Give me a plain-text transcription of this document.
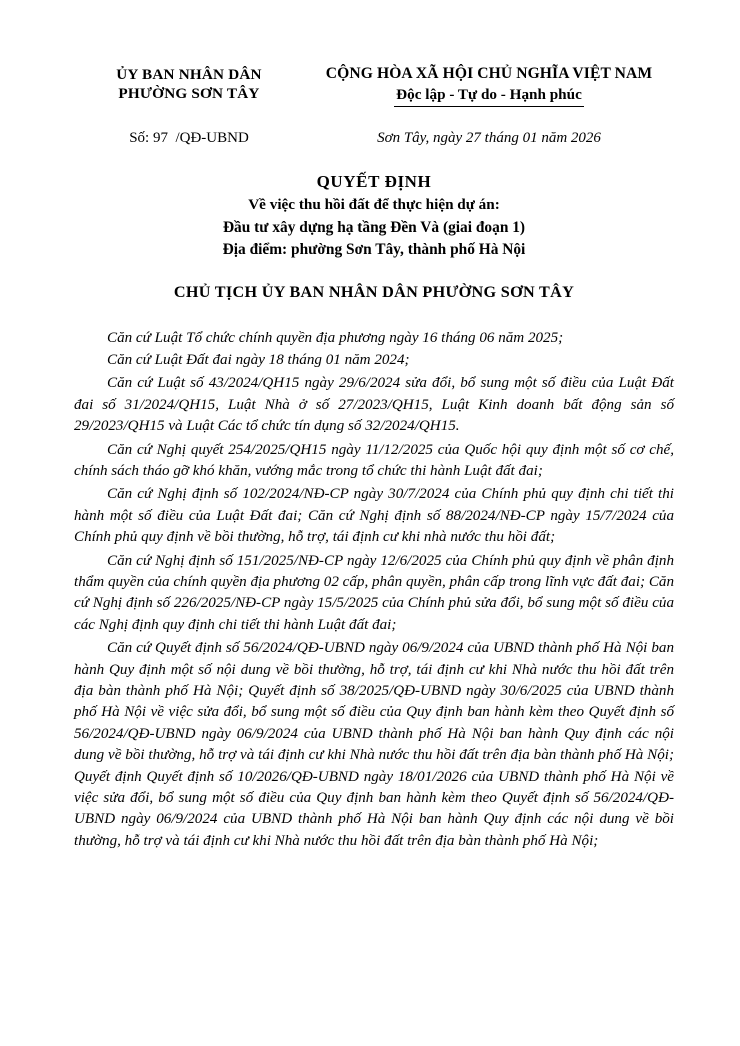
ỦY BAN NHÂN DÂN
PHƯỜNG SƠN TÂY
CỘNG HÒA XÃ HỘI CHỦ NGHĨA VIỆT NAM
Độc lập - Tự do - Hạnh phúc
Số: 97 /QĐ-UBND	Sơn Tây, ngày 27 tháng 01 năm 2026
QUYẾT ĐỊNH
Về việc thu hồi đất để thực hiện dự án:
Đầu tư xây dựng hạ tầng Đền Và (giai đoạn 1)
Địa điểm: phường Sơn Tây, thành phố Hà Nội
CHỦ TỊCH ỦY BAN NHÂN DÂN PHƯỜNG SƠN TÂY

Căn cứ Luật Tổ chức chính quyền địa phương ngày 16 tháng 06 năm 2025;

Căn cứ Luật Đất đai ngày 18 tháng 01 năm 2024;

Căn cứ Luật số 43/2024/QH15 ngày 29/6/2024 sửa đổi, bổ sung một số điều của Luật Đất đai số 31/2024/QH15, Luật Nhà ở số 27/2023/QH15, Luật Kinh doanh bất động sản số 29/2023/QH15 và Luật Các tổ chức tín dụng số 32/2024/QH15.

Căn cứ Nghị quyết 254/2025/QH15 ngày 11/12/2025 của Quốc hội quy định một số cơ chế, chính sách tháo gỡ khó khăn, vướng mắc trong tổ chức thi hành Luật đất đai;

Căn cứ Nghị định số 102/2024/NĐ-CP ngày 30/7/2024 của Chính phủ quy định chi tiết thi hành một số điều của Luật Đất đai; Căn cứ Nghị định số 88/2024/NĐ-CP ngày 15/7/2024 của Chính phủ quy định về bồi thường, hỗ trợ, tái định cư khi nhà nước thu hồi đất;

Căn cứ Nghị định số 151/2025/NĐ-CP ngày 12/6/2025 của Chính phủ quy định về phân định thẩm quyền của chính quyền địa phương 02 cấp, phân quyền, phân cấp trong lĩnh vực đất đai; Căn cứ Nghị định số 226/2025/NĐ-CP ngày 15/5/2025 của Chính phủ sửa đổi, bổ sung một số điều của các Nghị định quy định chi tiết thi hành Luật đất đai;

Căn cứ Quyết định số 56/2024/QĐ-UBND ngày 06/9/2024 của UBND thành phố Hà Nội ban hành Quy định một số nội dung về bồi thường, hỗ trợ, tái định cư khi Nhà nước thu hồi đất trên địa bàn thành phố Hà Nội; Quyết định số 38/2025/QĐ-UBND ngày 30/6/2025 của UBND thành phố Hà Nội về việc sửa đổi, bổ sung một số điều của Quy định ban hành kèm theo Quyết định số 56/2024/QĐ-UBND ngày 06/9/2024 của UBND thành phố Hà Nội ban hành Quy định các nội dung về bồi thường, hỗ trợ và tái định cư khi Nhà nước thu hồi đất trên địa bàn thành phố Hà Nội; Quyết định Quyết định số 10/2026/QĐ-UBND ngày 18/01/2026 của UBND thành phố Hà Nội về việc sửa đổi, bổ sung một số điều của Quy định ban hành kèm theo Quyết định số 56/2024/QĐ-UBND ngày 06/9/2024 của UBND thành phố Hà Nội ban hành Quy định các nội dung về bồi thường, hỗ trợ và tái định cư khi Nhà nước thu hồi đất trên địa bàn thành phố Hà Nội;
